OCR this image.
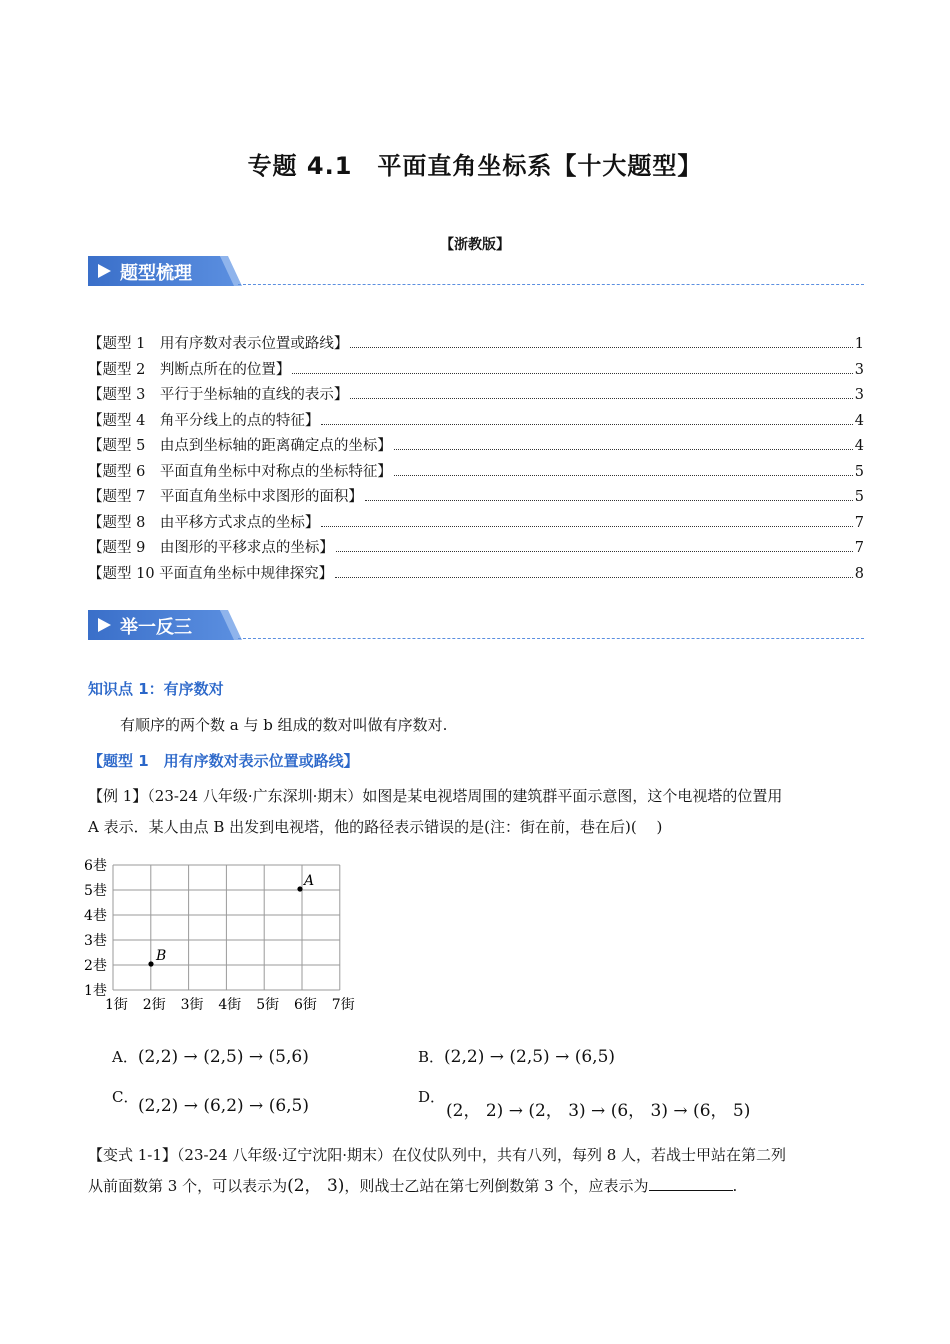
专题 4.1　平面直角坐标系【十大题型】
【浙教版】
题型梳理
【题型 1　用有序数对表示位置或路线】	1
【题型 2　判断点所在的位置】	3
【题型 3　平行于坐标轴的直线的表示】	3
【题型 4　角平分线上的点的特征】	4
【题型 5　由点到坐标轴的距离确定点的坐标】	4
【题型 6　平面直角坐标中对称点的坐标特征】	5
【题型 7　平面直角坐标中求图形的面积】	5
【题型 8　由平移方式求点的坐标】	7
【题型 9　由图形的平移求点的坐标】	7
【题型 10 平面直角坐标中规律探究】	8
举一反三
知识点 1：有序数对
有顺序的两个数 a 与 b 组成的数对叫做有序数对.
【题型 1　用有序数对表示位置或路线】
【例 1】（23-24 八年级·广东深圳·期末）如图是某电视塔周围的建筑群平面示意图，这个电视塔的位置用
A 表示．某人由点 B 出发到电视塔，他的路径表示错误的是(注：街在前，巷在后)(　 )
6巷
5巷
4巷
3巷
2巷
1巷
1街 2街 3街 4街 5街 6街 7街
A
B
A．(2,2) → (2,5) → (5,6)	B．(2,2) → (2,5) → (6,5)
C． (2,2) → (6,2) → (6,5)	D．
(2， 2) → (2， 3) → (6， 3) → (6， 5)
【变式 1-1】（23-24 八年级·辽宁沈阳·期末）在仪仗队列中，共有八列，每列 8 人，若战士甲站在第二列
从前面数第 3 个，可以表示为(2， 3)，则战士乙站在第七列倒数第 3 个，应表示为	.
